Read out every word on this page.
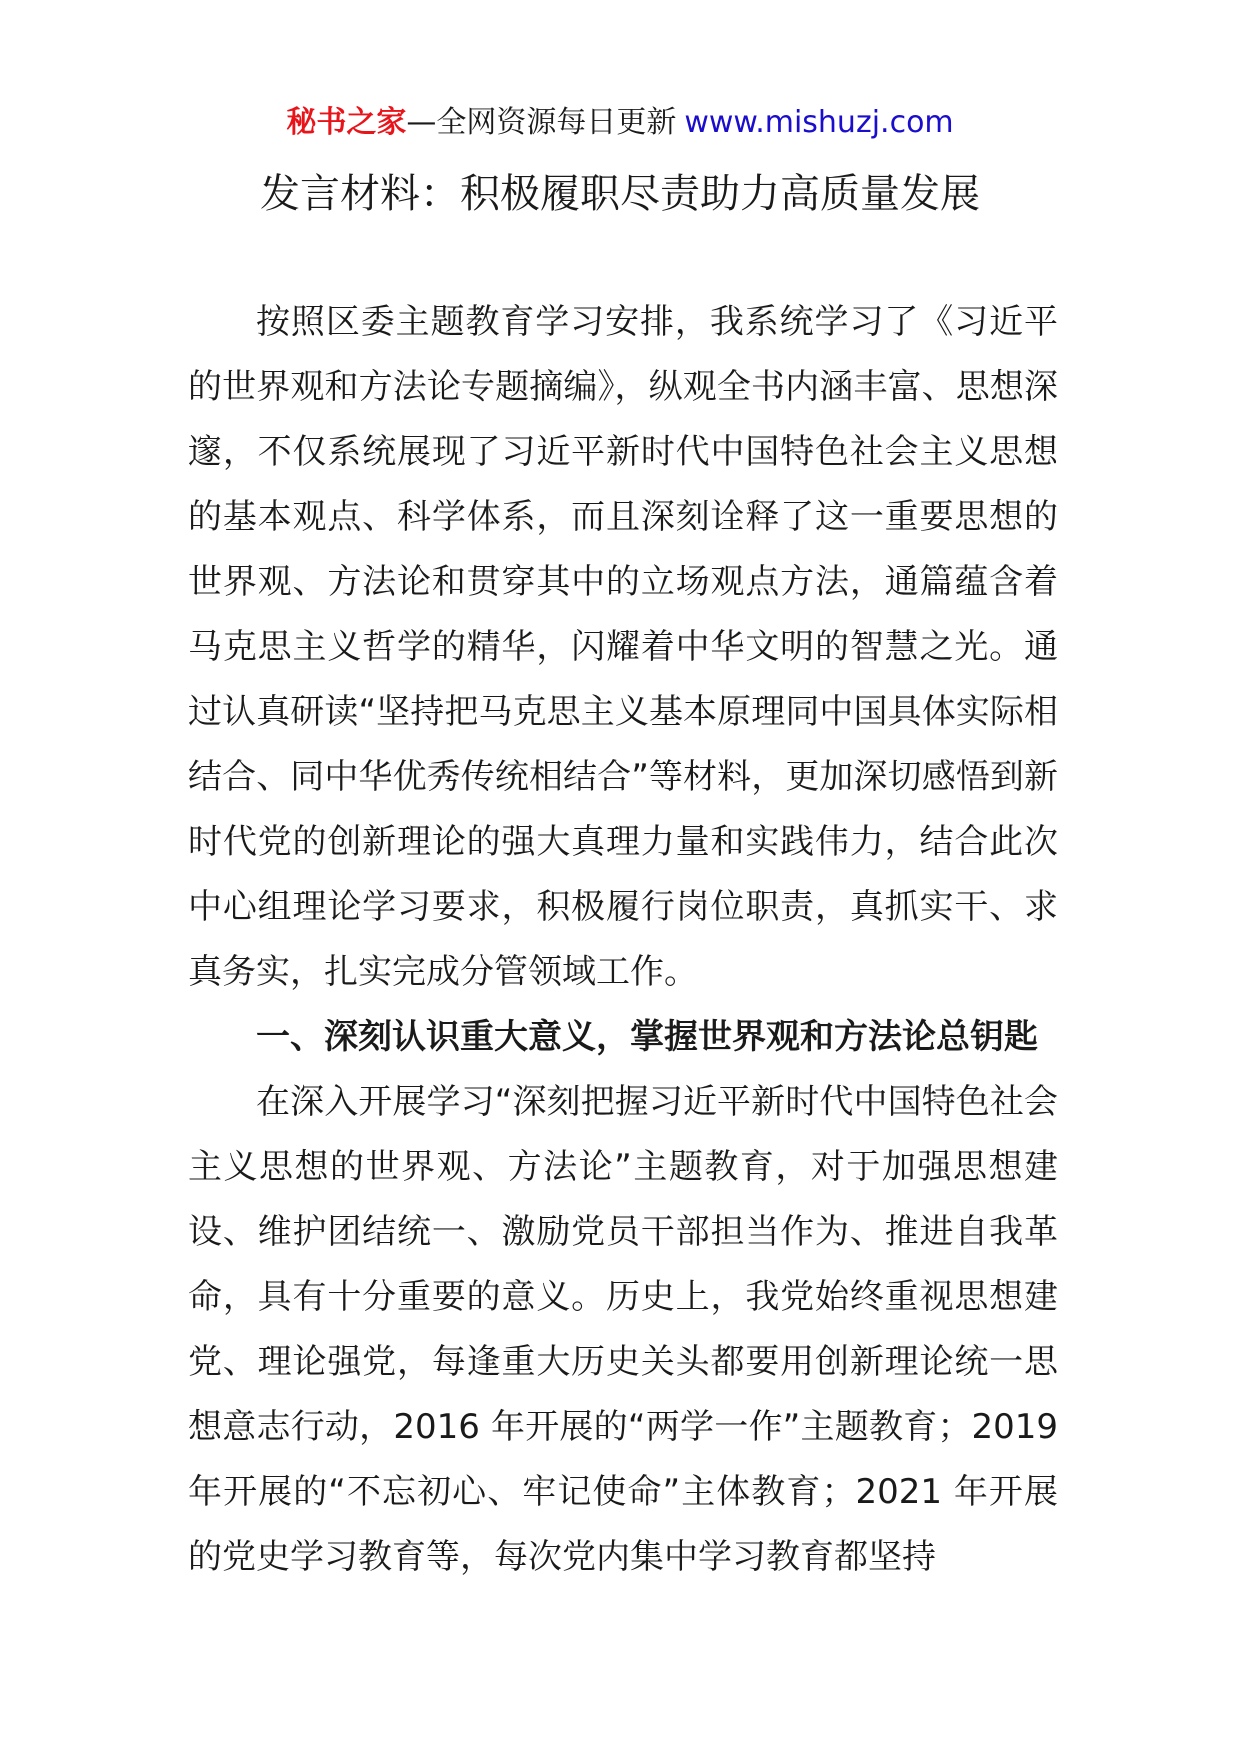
秘书之家—全网资源每日更新 www.mishuzj.com
发言材料：积极履职尽责助力高质量发展

按照区委主题教育学习安排，我系统学习了《习近平的世界观和方法论专题摘编》，纵观全书内涵丰富、思想深邃，不仅系统展现了习近平新时代中国特色社会主义思想的基本观点、科学体系，而且深刻诠释了这一重要思想的世界观、方法论和贯穿其中的立场观点方法，通篇蕴含着马克思主义哲学的精华，闪耀着中华文明的智慧之光。通过认真研读“坚持把马克思主义基本原理同中国具体实际相结合、同中华优秀传统相结合”等材料，更加深切感悟到新时代党的创新理论的强大真理力量和实践伟力，结合此次中心组理论学习要求，积极履行岗位职责，真抓实干、求真务实，扎实完成分管领域工作。

一、深刻认识重大意义，掌握世界观和方法论总钥匙

在深入开展学习“深刻把握习近平新时代中国特色社会主义思想的世界观、方法论”主题教育，对于加强思想建设、维护团结统一、激励党员干部担当作为、推进自我革命，具有十分重要的意义。历史上，我党始终重视思想建党、理论强党，每逢重大历史关头都要用创新理论统一思想意志行动，2016 年开展的“两学一作”主题教育；2019 年开展的“不忘初心、牢记使命”主体教育；2021 年开展的党史学习教育等，每次党内集中学习教育都坚持
